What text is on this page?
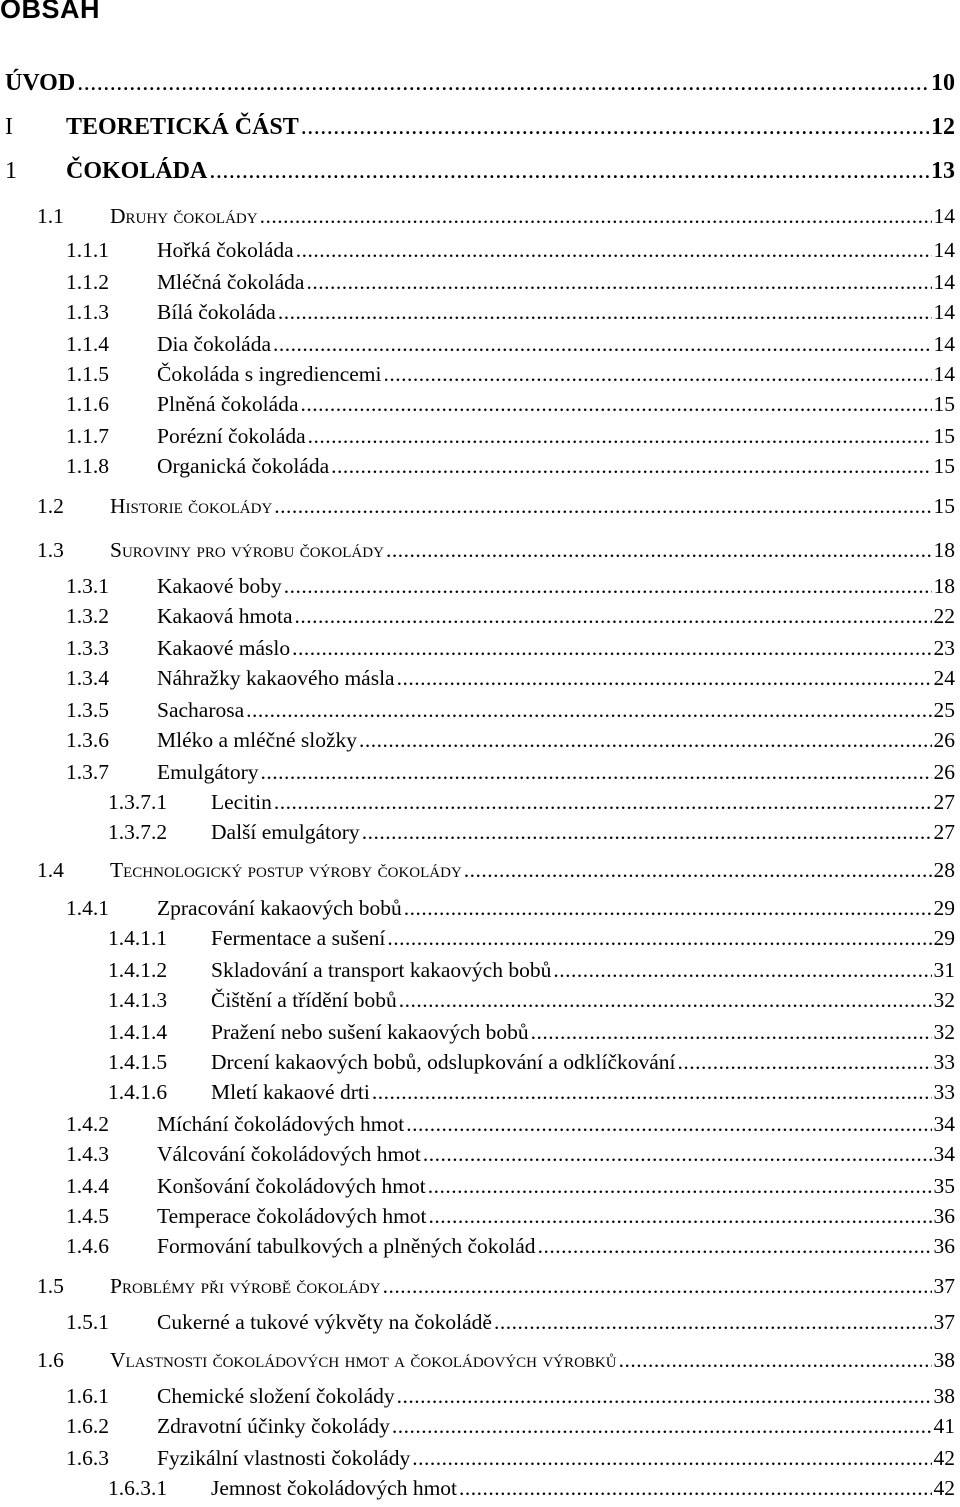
OBSAH
ÚVOD .....	10
I	TEORETICKÁ ČÁST .....	12
1	ČOKOLÁDA .....	13
1.1	Druhy čokolády .....	14
1.1.1	Hořká čokoláda .....	14
1.1.2	Mléčná čokoláda .....	14
1.1.3	Bílá čokoláda .....	14
1.1.4	Dia čokoláda .....	14
1.1.5	Čokoláda s ingrediencemi .....	14
1.1.6	Plněná čokoláda .....	15
1.1.7	Porézní čokoláda .....	15
1.1.8	Organická čokoláda .....	15
1.2	Historie čokolády .....	15
1.3	Suroviny pro výrobu čokolády .....	18
1.3.1	Kakaové boby .....	18
1.3.2	Kakaová hmota .....	22
1.3.3	Kakaové máslo .....	23
1.3.4	Náhražky kakaového másla .....	24
1.3.5	Sacharosa .....	25
1.3.6	Mléko a mléčné složky .....	26
1.3.7	Emulgátory .....	26
1.3.7.1	Lecitin .....	27
1.3.7.2	Další emulgátory .....	27
1.4	Technologický postup výroby čokolády .....	28
1.4.1	Zpracování kakaových bobů .....	29
1.4.1.1	Fermentace a sušení .....	29
1.4.1.2	Skladování a transport kakaových bobů .....	31
1.4.1.3	Čištění a třídění bobů .....	32
1.4.1.4	Pražení nebo sušení kakaových bobů .....	32
1.4.1.5	Drcení kakaových bobů, odslupkování a odklíčkování .....	33
1.4.1.6	Mletí kakaové drti .....	33
1.4.2	Míchání čokoládových hmot .....	34
1.4.3	Válcování čokoládových hmot .....	34
1.4.4	Konšování čokoládových hmot .....	35
1.4.5	Temperace čokoládových hmot .....	36
1.4.6	Formování tabulkových a plněných čokolád .....	36
1.5	Problémy při výrobě čokolády .....	37
1.5.1	Cukerné a tukové výkvěty na čokoládě .....	37
1.6	Vlastnosti čokoládových hmot a čokoládových výrobků .....	38
1.6.1	Chemické složení čokolády .....	38
1.6.2	Zdravotní účinky čokolády .....	41
1.6.3	Fyzikální vlastnosti čokolády .....	42
1.6.3.1	Jemnost čokoládových hmot .....	42
